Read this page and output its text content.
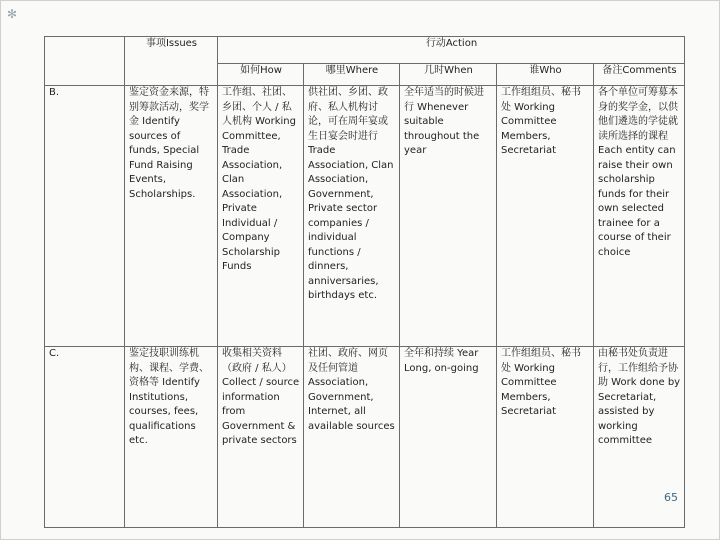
✻
	事项Issues	行动Action				
		如何How	哪里Where	几时When	谁Who	备注Comments
B.	鉴定资金来源，特别筹款活动，奖学金 Identify sources of funds, Special Fund Raising Events, Scholarships.	工作组、社团、乡团、个人 / 私人机构 Working Committee, Trade Association, Clan Association, Private Individual / Company Scholarship Funds	供社团、乡团、政府、私人机构讨论，可在周年宴或生日宴会时进行 Trade Association, Clan Association, Government, Private sector companies / individual functions / dinners, anniversaries, birthdays etc.	全年适当的时候进行 Whenever suitable throughout the year	工作组组员、秘书处 Working Committee Members, Secretariat	各个单位可筹募本身的奖学金，以供他们遴选的学徒就读所选择的课程 Each entity can raise their own scholarship funds for their own selected trainee for a course of their choice
C.	鉴定技职训练机构、课程、学费、资格等 Identify Institutions, courses, fees, qualifications etc.	收集相关资料（政府 / 私人） Collect / source information from Government & private sectors	社团、政府、网页及任何管道 Association, Government, Internet, all available sources	全年和持续 Year Long, on-going	工作组组员、秘书处 Working Committee Members, Secretariat	由秘书处负责进行，工作组给予协助 Work done by Secretariat, assisted by working committee
65
